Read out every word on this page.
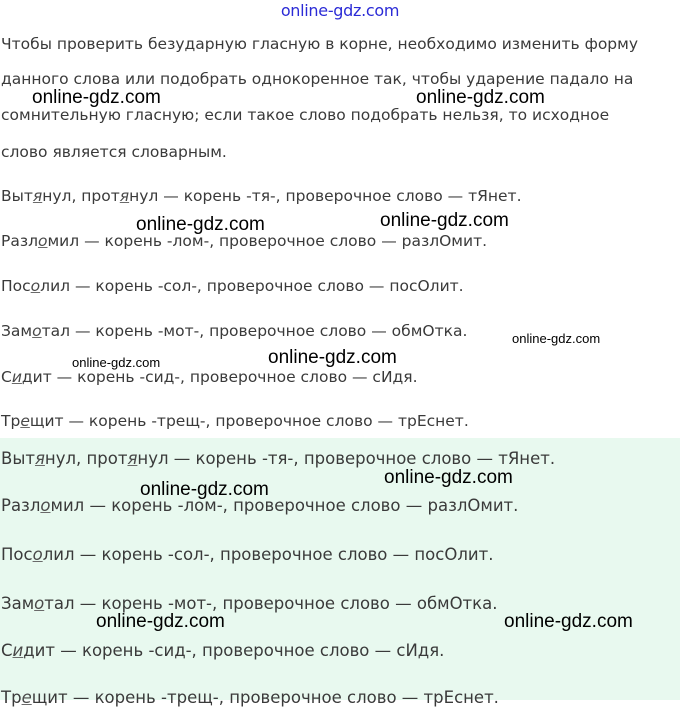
online-gdz.com
Чтобы проверить безударную гласную в корне, необходимо изменить форму
данного слова или подобрать однокоренное так, чтобы ударение падало на
сомнительную гласную; если такое слово подобрать нельзя, то исходное
слово является словарным.
Вытянул, протянул — корень -тя-, проверочное слово — тЯнет.
Разломил — корень -лом-, проверочное слово — разлОмит.
Посолил — корень -сол-, проверочное слово — посОлит.
Замотал — корень -мот-, проверочное слово — обмОтка.
Сидит — корень -сид-, проверочное слово — сИдя.
Трещит — корень -трещ-, проверочное слово — трЕснет.
Вытянул, протянул — корень -тя-, проверочное слово — тЯнет.
Разломил — корень -лом-, проверочное слово — разлОмит.
Посолил — корень -сол-, проверочное слово — посОлит.
Замотал — корень -мот-, проверочное слово — обмОтка.
Сидит — корень -сид-, проверочное слово — сИдя.
Трещит — корень -трещ-, проверочное слово — трЕснет.
online-gdz.com	online-gdz.com
online-gdz.com	online-gdz.com
online-gdz.com
online-gdz.com	online-gdz.com
online-gdz.com
online-gdz.com
online-gdz.com	online-gdz.com
